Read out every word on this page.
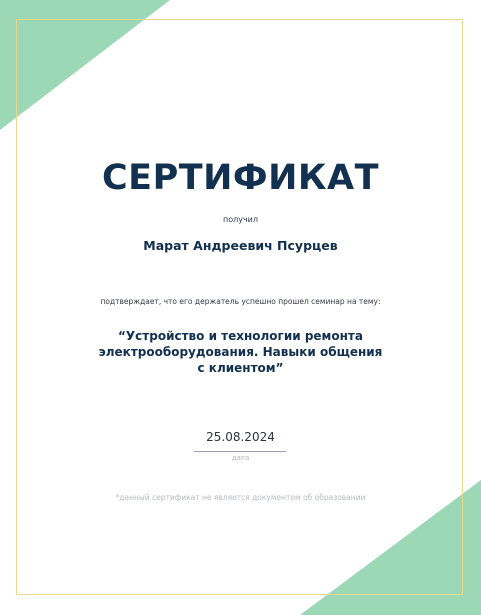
СЕРТИФИКАТ
получил
Марат Андреевич Псурцев
подтверждает, что его держатель успешно прошел семинар на тему:
“Устройство и технологии ремонта
электрооборудования. Навыки общения
с клиентом”
25.08.2024
дата
*данный сертификат не является документом об образовании
